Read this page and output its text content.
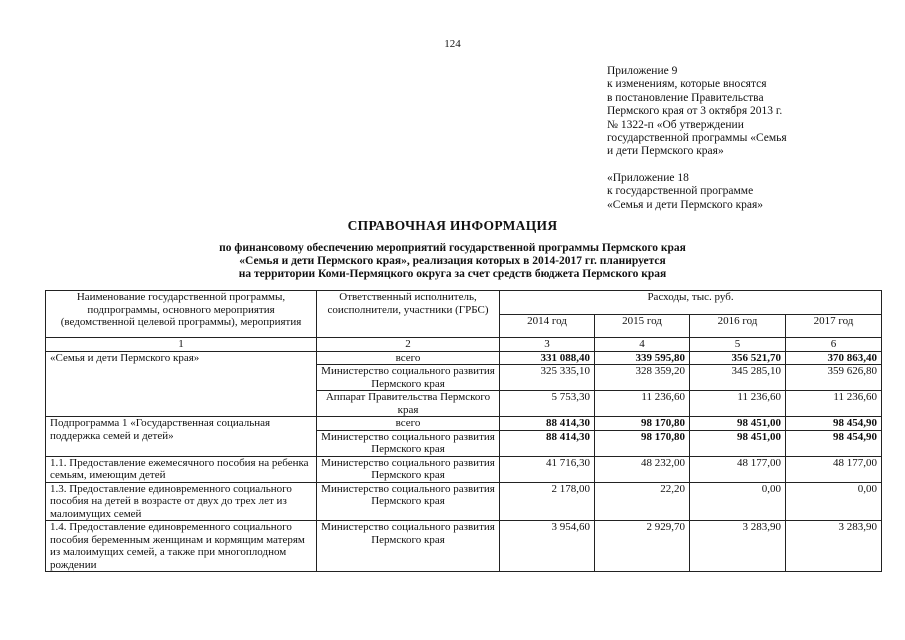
124
Приложение 9
к изменениям, которые вносятся
в постановление Правительства
Пермского края от 3 октября 2013 г.
№ 1322-п «Об утверждении
государственной программы «Семья
и дети Пермского края»
«Приложение 18
к государственной программе
«Семья и дети Пермского края»
СПРАВОЧНАЯ ИНФОРМАЦИЯ
по финансовому обеспечению мероприятий государственной программы Пермского края
«Семья и дети Пермского края», реализация которых в 2014-2017 гг. планируется
на территории Коми-Пермяцкого округа за счет средств бюджета Пермского края
Наименование государственной программы, подпрограммы, основного мероприятия (ведомственной целевой программы), мероприятия	Ответственный исполнитель, соисполнители, участники (ГРБС)	Расходы, тыс. руб.			
		2014 год	2015 год	2016 год	2017 год
1	2	3	4	5	6
«Семья и дети Пермского края»	всего	331 088,40	339 595,80	356 521,70	370 863,40
	Министерство социального развития Пермского края	325 335,10	328 359,20	345 285,10	359 626,80
	Аппарат Правительства Пермского края	5 753,30	11 236,60	11 236,60	11 236,60
Подпрограмма 1 «Государственная социальная поддержка семей и детей»	всего	88 414,30	98 170,80	98 451,00	98 454,90
	Министерство социального развития Пермского края	88 414,30	98 170,80	98 451,00	98 454,90
1.1. Предоставление ежемесячного пособия на ребенка семьям, имеющим детей	Министерство социального развития Пермского края	41 716,30	48 232,00	48 177,00	48 177,00
1.3. Предоставление единовременного социального пособия на детей в возрасте от двух до трех лет из малоимущих семей	Министерство социального развития Пермского края	2 178,00	22,20	0,00	0,00
1.4. Предоставление единовременного социального пособия беременным женщинам и кормящим матерям из малоимущих семей, а также при многоплодном рождении	Министерство социального развития Пермского края	3 954,60	2 929,70	3 283,90	3 283,90
